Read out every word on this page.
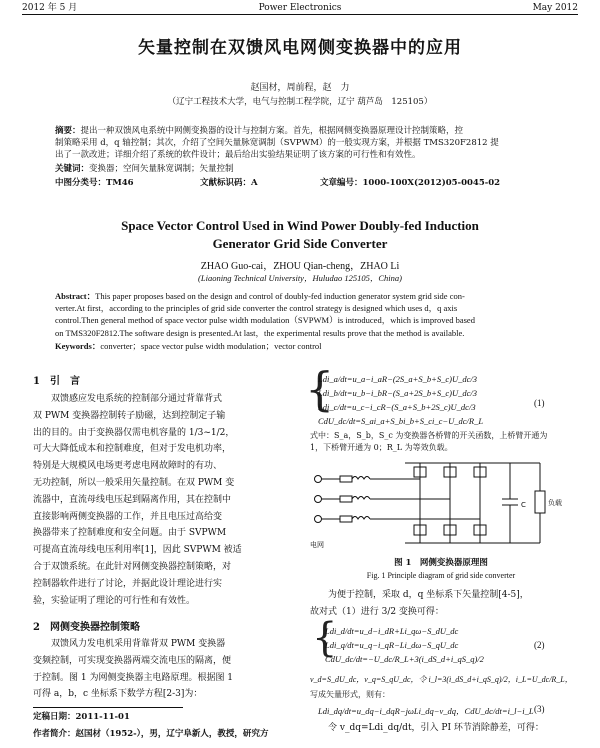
2012 年 5 月	Power Electronics	May 2012
矢量控制在双馈风电网侧变换器中的应用
赵国材，周前程，赵　力
（辽宁工程技术大学，电气与控制工程学院，辽宁 葫芦岛　125105）
摘要：提出一种双馈风电系统中网侧变换器的设计与控制方案。首先，根据网侧变换器原理设计控制策略，控
制策略采用 d，q 轴控制；其次，介绍了空间矢量脉宽调制（SVPWM）的一般实现方案，并根据 TMS320F2812 提
出了一款改进；详细介绍了系统的软件设计；最后给出实验结果证明了该方案的可行性和有效性。
关键词：变换器；空间矢量脉宽调制；矢量控制
中图分类号：TM46	文献标识码：A	文章编号：1000-100X(2012)05-0045-02
Space Vector Control Used in Wind Power Doubly-fed Induction
Generator Grid Side Converter
ZHAO Guo-cai，ZHOU Qian-cheng，ZHAO Li
(Liaoning Technical University，Huludao 125105，China)
Abstract：This paper proposes based on the design and control of doubly-fed induction generator system grid side con-
verter.At first，according to the principles of grid side converter the control strategy is designed which uses d，q axis
control.Then general method of space vector pulse width modulation（SVPWM）is introduced，which is improved based
on TMS320F2812.The software design is presented.At last，the experimental results prove that the method is available.
Keywords：converter；space vector pulse width modulation；vector control
1　引　言
双馈感应发电系统的控制部分通过背靠背式
双 PWM 变换器控制转子励磁，达到控制定子输
出的目的。由于变换器仅需电机容量的 1/3~1/2，
可大大降低成本和控制难度，但对于发电机功率，
特别是大规模风电场更考虑电网故障时的有功、
无功控制，所以一般采用矢量控制。在双 PWM 变
流器中，直流母线电压起到隔离作用，其在控制中
直接影响两侧变换器的工作，并且电压过高给变
换器带来了控制难度和安全问题。由于 SVPWM
可提高直流母线电压利用率[1]，因此 SVPWM 被适
合于双馈系统。在此针对网侧变换器控制策略，对
控制器软件进行了讨论，并据此设计理论进行实
验，实验证明了理论的可行性和有效性。
2　网侧变换器控制策略
双馈风力发电机采用背靠背双 PWM 变换器
变频控制，可实现变换器两端交流电压的隔离，便
于控制。图 1 为网侧变换器主电路原理。根据图 1
可得 a，b，c 坐标系下数学方程[2-3]为：
定稿日期：2011-11-01
作者简介：赵国材（1952-），男，辽宁阜新人，教授，研究方
{
Ldi_a/dt=u_a−i_aR−(2S_a+S_b+S_c)U_dc/3
Ldi_b/dt=u_b−i_bR−(S_a+2S_b+S_c)U_dc/3
Ldi_c/dt=u_c−i_cR−(S_a+S_b+2S_c)U_dc/3
CdU_dc/dt=S_ai_a+S_bi_b+S_ci_c−U_dc/R_L
(1)
式中：S_a，S_b，S_c 为变换器各桥臂的开关函数，上桥臂开通为
1，下桥臂开通为 0；R_L 为等效负载。
电网
C	负载
图 1　网侧变换器原理图
Fig. 1 Principle diagram of grid side converter
为便于控制，采取 d，q 坐标系下矢量控制[4-5]，
故对式（1）进行 3/2 变换可得：
{
Ldi_d/dt=u_d−i_dR+Li_qω−S_dU_dc
Ldi_q/dt=u_q−i_qR−Li_dω−S_qU_dc
CdU_dc/dt=−U_dc/R_L+3(i_dS_d+i_qS_q)/2
(2)
v_d=S_dU_dc，v_q=S_qU_dc，令 i_l=3(i_dS_d+i_qS_q)/2，i_L=U_dc/R_L，
写成矢量形式，则有：
Ldi_dq/dt=u_dq−i_dqR−jωLi_dq−v_dq，CdU_dc/dt=i_l−i_L (3)
令 v_dq=Ldi_dq/dt，引入 PI 环节消除静差，可得：
